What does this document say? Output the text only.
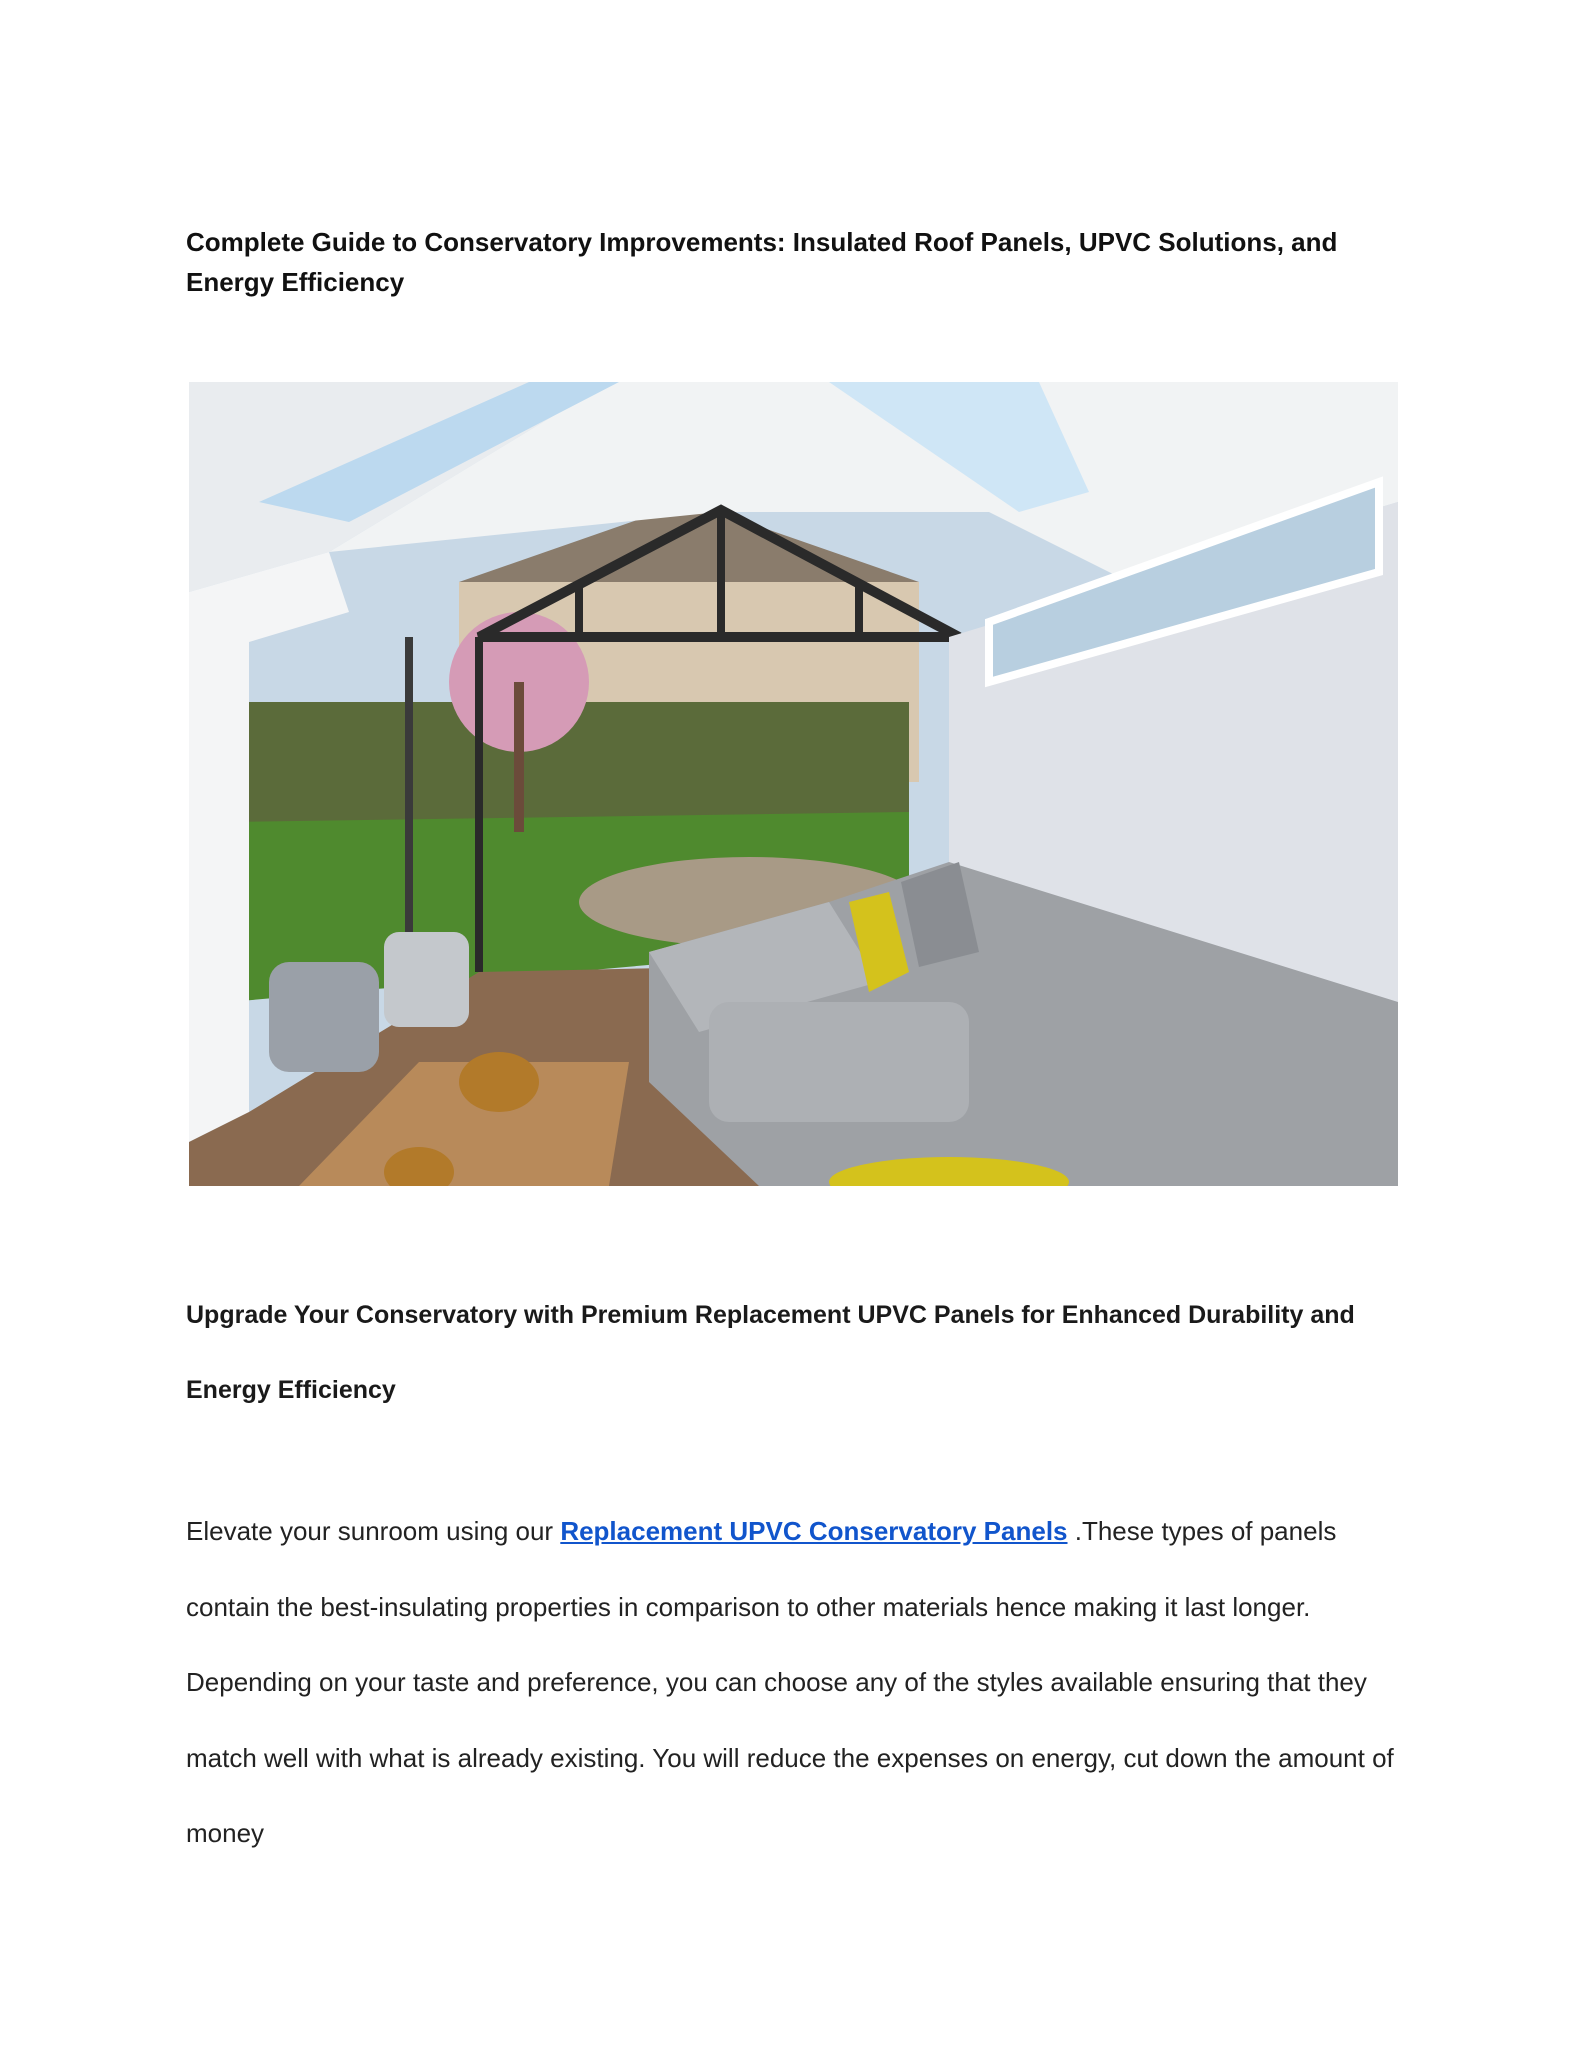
Complete Guide to Conservatory Improvements: Insulated Roof Panels, UPVC Solutions, and Energy Efficiency
Upgrade Your Conservatory with Premium Replacement UPVC Panels for Enhanced Durability and Energy Efficiency

Elevate your sunroom using our Replacement UPVC Conservatory Panels .These types of panels contain the best-insulating properties in comparison to other materials hence making it last longer. Depending on your taste and preference, you can choose any of the styles available ensuring that they match well with what is already existing. You will reduce the expenses on energy, cut down the amount of money
